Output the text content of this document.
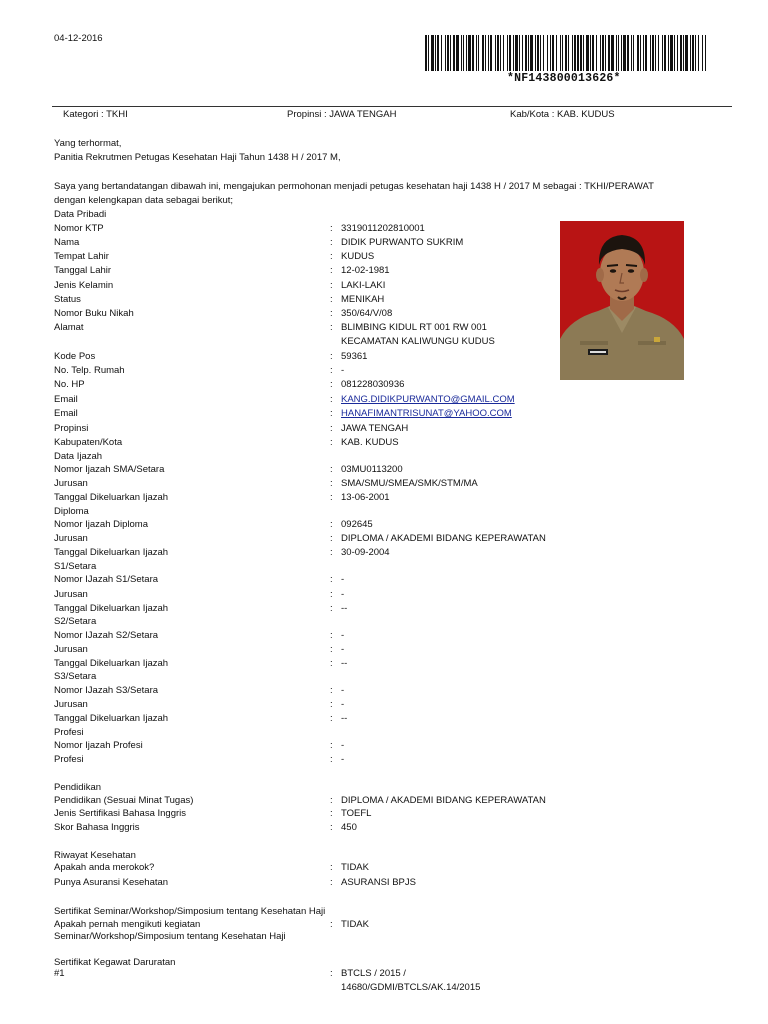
04-12-2016
*NF143800013626*
Kategori : TKHI	Propinsi : JAWA TENGAH	Kab/Kota : KAB. KUDUS
Yang terhormat,
Panitia Rekrutmen Petugas Kesehatan Haji Tahun 1438 H / 2017 M,
Saya yang bertandatangan dibawah ini, mengajukan permohonan menjadi petugas kesehatan haji 1438 H / 2017 M sebagai : TKHI/PERAWAT
dengan kelengkapan data sebagai berikut;
Data Pribadi
Nomor KTP	: 3319011202810001
Nama	: DIDIK PURWANTO SUKRIM
Tempat Lahir	: KUDUS
Tanggal Lahir	: 12-02-1981
Jenis Kelamin	: LAKI-LAKI
Status	: MENIKAH
Nomor Buku Nikah	: 350/64/V/08
Alamat	: BLIMBING KIDUL RT 001 RW 001
KECAMATAN KALIWUNGU KUDUS
Kode Pos	: 59361
No. Telp. Rumah	: -
No. HP	: 081228030936
Email	: KANG.DIDIKPURWANTO@GMAIL.COM
Email	: HANAFIMANTRISUNAT@YAHOO.COM
Propinsi	: JAWA TENGAH
Kabupaten/Kota	: KAB. KUDUS
Data Ijazah
Nomor Ijazah SMA/Setara	: 03MU0113200
Jurusan	: SMA/SMU/SMEA/SMK/STM/MA
Tanggal Dikeluarkan Ijazah	: 13-06-2001
Diploma
Nomor Ijazah Diploma	: 092645
Jurusan	: DIPLOMA / AKADEMI BIDANG KEPERAWATAN
Tanggal Dikeluarkan Ijazah	: 30-09-2004
S1/Setara
Nomor IJazah S1/Setara	: -
Jurusan	: -
Tanggal Dikeluarkan Ijazah	: --
S2/Setara
Nomor IJazah S2/Setara	: -
Jurusan	: -
Tanggal Dikeluarkan Ijazah	: --
S3/Setara
Nomor IJazah S3/Setara	: -
Jurusan	: -
Tanggal Dikeluarkan Ijazah	: --
Profesi
Nomor Ijazah Profesi	: -
Profesi	: -
Pendidikan
Pendidikan (Sesuai Minat Tugas)	: DIPLOMA / AKADEMI BIDANG KEPERAWATAN
Jenis Sertifikasi Bahasa Inggris	: TOEFL
Skor Bahasa Inggris	: 450
Riwayat Kesehatan
Apakah anda merokok?	: TIDAK
Punya Asuransi Kesehatan	: ASURANSI BPJS
Sertifikat Seminar/Workshop/Simposium tentang Kesehatan Haji
Apakah pernah mengikuti kegiatan
Seminar/Workshop/Simposium tentang Kesehatan Haji
: TIDAK
Sertifikat Kegawat Daruratan
#1	: BTCLS / 2015 /
14680/GDMI/BTCLS/AK.14/2015
